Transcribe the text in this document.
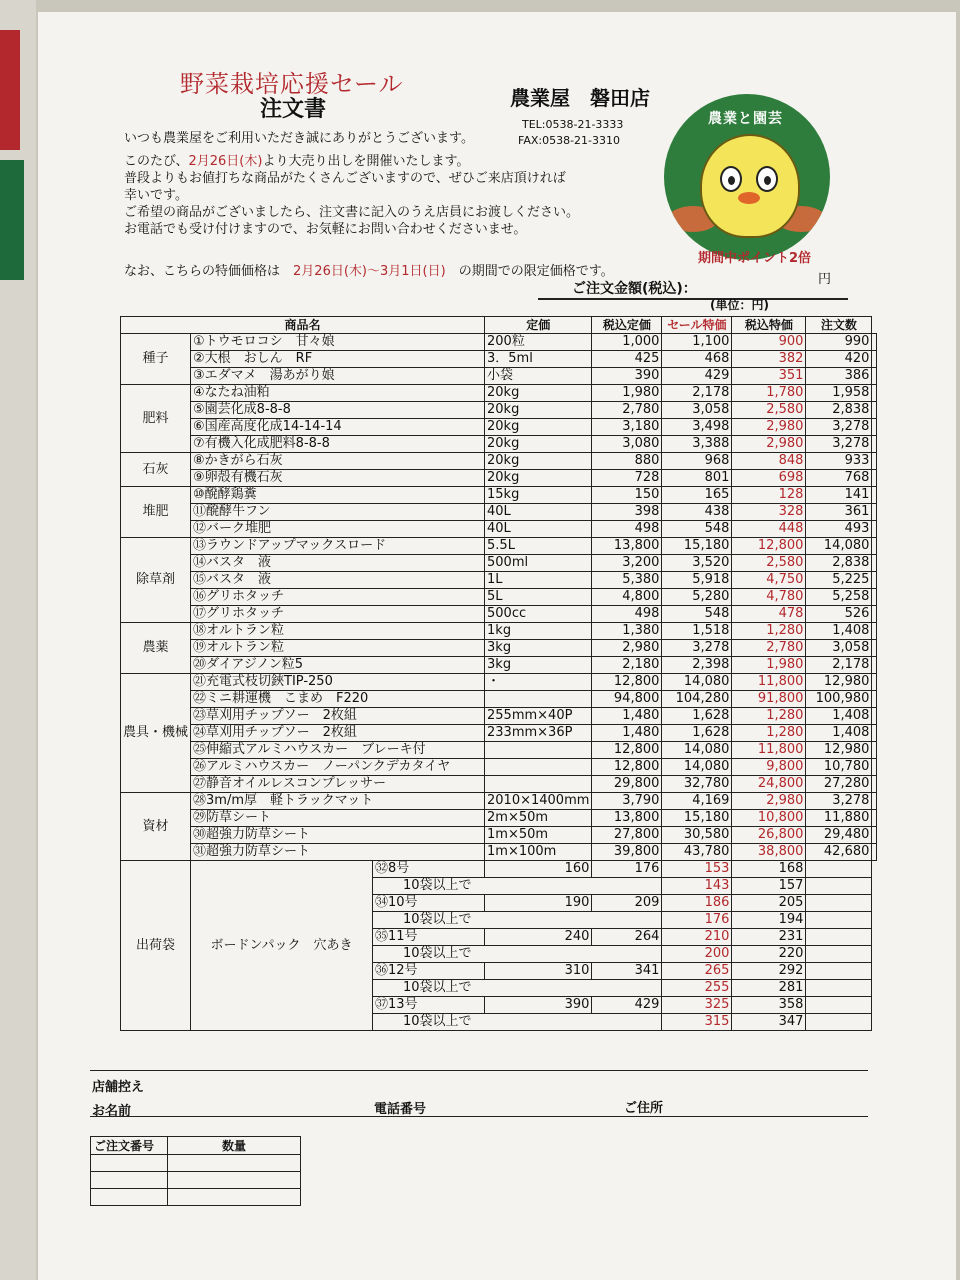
野菜栽培応援セール
注文書	農業屋　磐田店
TEL:0538-21-3333
FAX:0538-21-3310
農業と園芸
いつも農業屋をご利用いただき誠にありがとうございます。
このたび、2月26日(木)より大売り出しを開催いたします。
普段よりもお値打ちな商品がたくさんございますので、ぜひご来店頂ければ
幸いです。
ご希望の商品がございましたら、注文書に記入のうえ店員にお渡しください。
お電話でも受け付けますので、お気軽にお問い合わせくださいませ。
なお、こちらの特価価格は　 2月26日(木)～3月1日(日)　 の期間での限定価格です。
期間中ポイント2倍
円
ご注文金額(税込)：
(単位：円)
商品名			定価	税込定価	セール特価	税込特価	注文数	
種子	①トウモロコシ　甘々娘		200粒	1,000	1,100	900	990	
	②大根　おしん　RF		3．5ml	425	468	382	420	
	③エダマメ　湯あがり娘		小袋	390	429	351	386	
肥料	④なたね油粕		20kg	1,980	2,178	1,780	1,958	
	⑤園芸化成8-8-8		20kg	2,780	3,058	2,580	2,838	
	⑥国産高度化成14-14-14		20kg	3,180	3,498	2,980	3,278	
	⑦有機入化成肥料8-8-8		20kg	3,080	3,388	2,980	3,278	
石灰	⑧かきがら石灰		20kg	880	968	848	933	
	⑨卵殻有機石灰		20kg	728	801	698	768	
堆肥	⑩醗酵鶏糞		15kg	150	165	128	141	
	⑪醗酵牛フン		40L	398	438	328	361	
	⑫バーク堆肥		40L	498	548	448	493	
除草剤	⑬ラウンドアップマックスロード		5.5L	13,800	15,180	12,800	14,080	
	⑭バスタ　液		500ml	3,200	3,520	2,580	2,838	
	⑮バスタ　液		1L	5,380	5,918	4,750	5,225	
	⑯グリホタッチ		5L	4,800	5,280	4,780	5,258	
	⑰グリホタッチ		500cc	498	548	478	526	
農薬	⑱オルトラン粒		1kg	1,380	1,518	1,280	1,408	
	⑲オルトラン粒		3kg	2,980	3,278	2,780	3,058	
	⑳ダイアジノン粒5		3kg	2,180	2,398	1,980	2,178	
農具・機械	㉑充電式枝切鋏TIP-250		・	12,800	14,080	11,800	12,980	
	㉒ミニ耕運機　こまめ　F220			94,800	104,280	91,800	100,980	
	㉓草刈用チップソー　2枚組		255mm×40P	1,480	1,628	1,280	1,408	
	㉔草刈用チップソー　2枚組		233mm×36P	1,480	1,628	1,280	1,408	
	㉕伸縮式アルミハウスカー　ブレーキ付			12,800	14,080	11,800	12,980	
	㉖アルミハウスカー　ノーパンクデカタイヤ			12,800	14,080	9,800	10,780	
	㉗静音オイルレスコンプレッサー			29,800	32,780	24,800	27,280	
資材	㉘3m/m厚　軽トラックマット		2010×1400mm	3,790	4,169	2,980	3,278	
	㉙防草シート		2m×50m	13,800	15,180	10,800	11,880	
	㉚超強力防草シート		1m×50m	27,800	30,580	26,800	29,480	
	㉛超強力防草シート		1m×100m	39,800	43,780	38,800	42,680	
出荷袋	ボードンパック　穴あき	㉜8号	160	176	153	168		
		10袋以上で			143	157		
		㉞10号	190	209	186	205		
		10袋以上で			176	194		
		㉟11号	240	264	210	231		
		10袋以上で			200	220		
		㊱12号	310	341	265	292		
		10袋以上で			255	281		
		㊲13号	390	429	325	358		
		10袋以上で			315	347		
店舗控え
お名前	電話番号	ご住所
ご注文番号	数量
